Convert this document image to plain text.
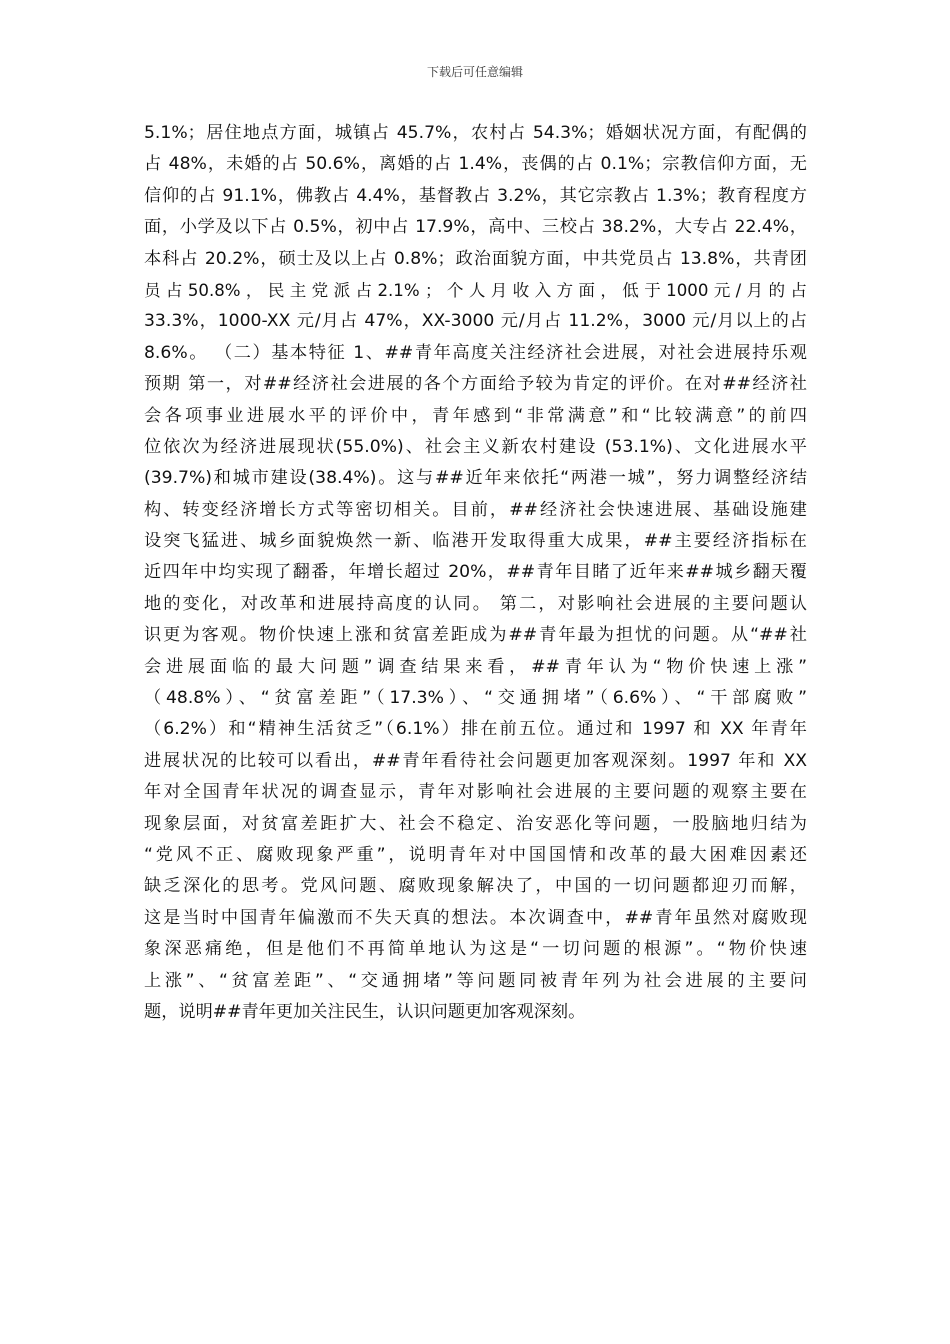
下载后可任意编辑
5.1%；居住地点方面，城镇占 45.7%，农村占 54.3%；婚姻状况方面，有配偶的
占 48%，未婚的占 50.6%，离婚的占 1.4%，丧偶的占 0.1%；宗教信仰方面，无
信仰的占 91.1%，佛教占 4.4%，基督教占 3.2%，其它宗教占 1.3%；教育程度方
面，小学及以下占 0.5%，初中占 17.9%，高中、三校占 38.2%，大专占 22.4%，
本科占 20.2%，硕士及以上占 0.8%；政治面貌方面，中共党员占 13.8%，共青团
员 占 50.8% ， 民 主 党 派 占 2.1% ； 个 人 月 收 入 方 面 ， 低 于 1000 元 / 月 的 占
33.3%，1000-XX 元/月占 47%，XX-3000 元/月占 11.2%，3000 元/月以上的占
8.6%。 （二）基本特征 1、##青年高度关注经济社会进展，对社会进展持乐观
预期 第一，对##经济社会进展的各个方面给予较为肯定的评价。在对##经济社
会各项事业进展水平的评价中，青年感到“非常满意”和“比较满意”的前四
位依次为经济进展现状(55.0%)、社会主义新农村建设 (53.1%)、文化进展水平
(39.7%)和城市建设(38.4%)。这与##近年来依托“两港一城”，努力调整经济结
构、转变经济增长方式等密切相关。目前，##经济社会快速进展、基础设施建
设突飞猛进、城乡面貌焕然一新、临港开发取得重大成果，##主要经济指标在
近四年中均实现了翻番，年增长超过 20%，##青年目睹了近年来##城乡翻天覆
地的变化，对改革和进展持高度的认同。 第二，对影响社会进展的主要问题认
识更为客观。物价快速上涨和贫富差距成为##青年最为担忧的问题。从“##社
会进展面临的最大问题”调查结果来看，##青年认为“物价快速上涨”
（48.8%）、“贫富差距”（17.3%）、“交通拥堵”（6.6%）、“干部腐败”
（6.2%）和“精神生活贫乏”（6.1%）排在前五位。通过和 1997 和 XX 年青年
进展状况的比较可以看出，##青年看待社会问题更加客观深刻。1997 年和 XX
年对全国青年状况的调查显示，青年对影响社会进展的主要问题的观察主要在
现象层面，对贫富差距扩大、社会不稳定、治安恶化等问题，一股脑地归结为
“党风不正、腐败现象严重”，说明青年对中国国情和改革的最大困难因素还
缺乏深化的思考。党风问题、腐败现象解决了，中国的一切问题都迎刃而解，
这是当时中国青年偏激而不失天真的想法。本次调查中，##青年虽然对腐败现
象深恶痛绝，但是他们不再简单地认为这是“一切问题的根源”。“物价快速
上涨”、“贫富差距”、“交通拥堵”等问题同被青年列为社会进展的主要问
题，说明##青年更加关注民生，认识问题更加客观深刻。
